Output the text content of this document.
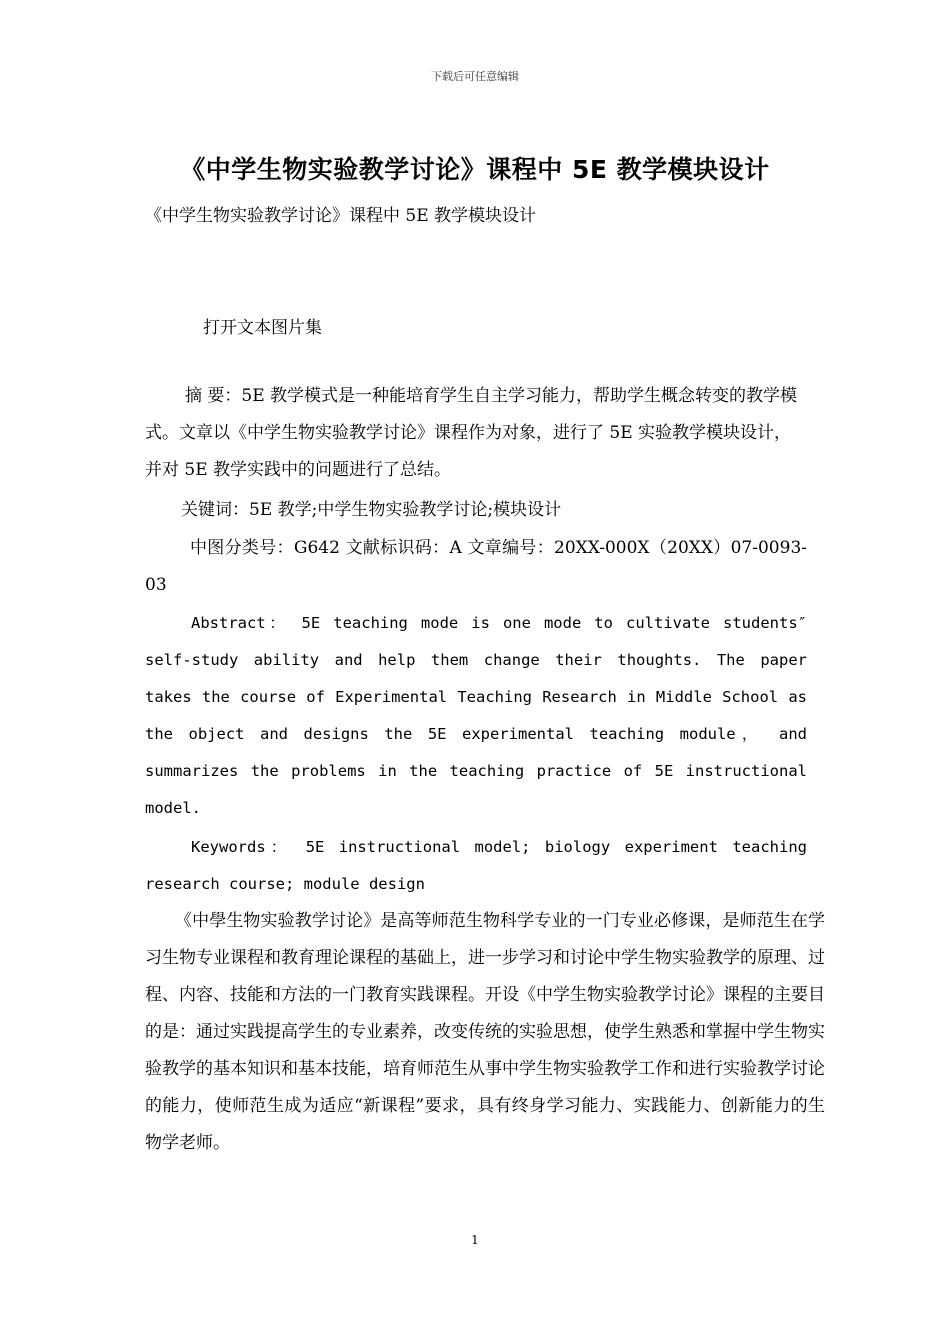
下载后可任意编辑
《中学生物实验教学讨论》课程中 5E 教学模块设计
《中学生物实验教学讨论》课程中 5E 教学模块设计
打开文本图片集
摘 要：5E 教学模式是一种能培育学生自主学习能力，帮助学生概念转变的教学模式。文章以《中学生物实验教学讨论》课程作为对象，进行了 5E 实验教学模块设计，并对 5E 教学实践中的问题进行了总结。
关键词：5E 教学;中学生物实验教学讨论;模块设计
中图分类号：G642 文献标识码：A 文章编号：20XX-000X（20XX）07-0093-03
Abstract： 5E teaching mode is one mode to cultivate students″ self-study ability and help them change their thoughts. The paper takes the course of Experimental Teaching Research in Middle School as the object and designs the 5E experimental teaching module， and summarizes the problems in the teaching practice of 5E instructional model.
Keywords： 5E instructional model; biology experiment teaching research course; module design
《中學生物实验教学讨论》是高等师范生物科学专业的一门专业必修课，是师范生在学习生物专业课程和教育理论课程的基础上，进一步学习和讨论中学生物实验教学的原理、过程、内容、技能和方法的一门教育实践课程。开设《中学生物实验教学讨论》课程的主要目的是：通过实践提高学生的专业素养，改变传统的实验思想，使学生熟悉和掌握中学生物实验教学的基本知识和基本技能，培育师范生从事中学生物实验教学工作和进行实验教学讨论的能力，使师范生成为适应“新课程”要求，具有终身学习能力、实践能力、创新能力的生物学老师。
1
